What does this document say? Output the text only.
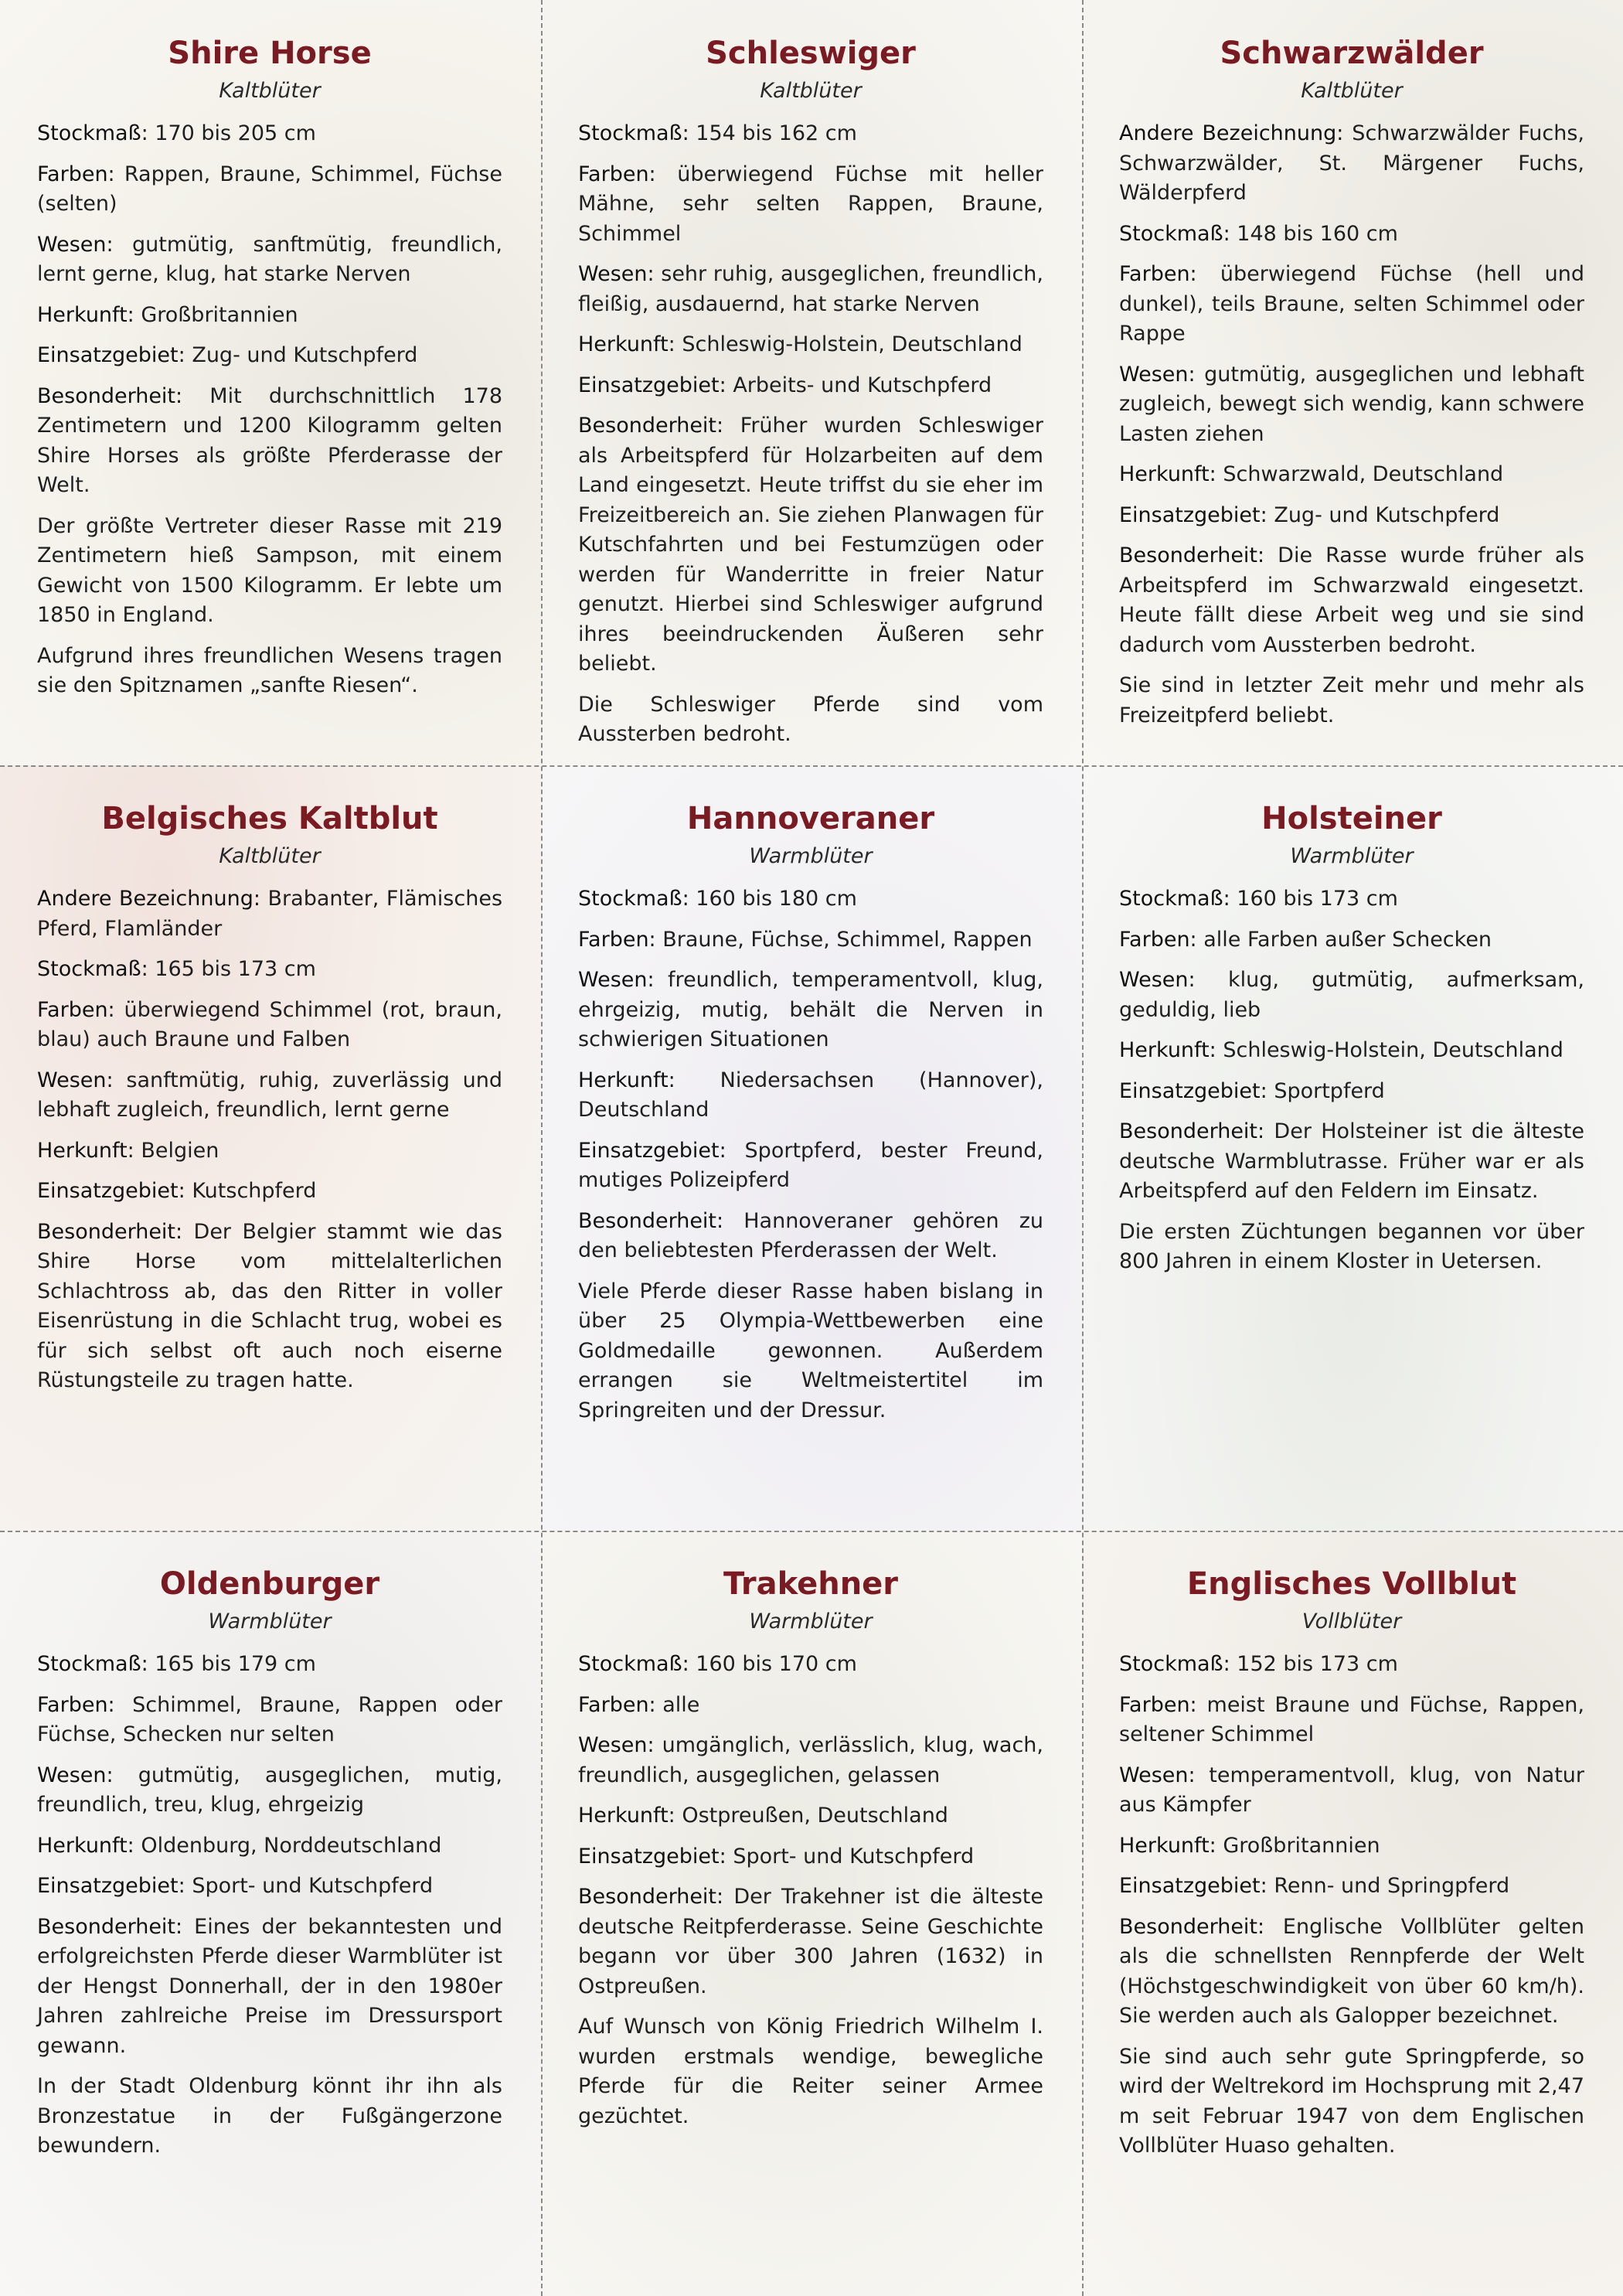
Shire Horse
Kaltblüter

Stockmaß: 170 bis 205 cm

Farben: Rappen, Braune, Schimmel, Füchse (selten)

Wesen: gutmütig, sanftmütig, freundlich, lernt gerne, klug, hat starke Nerven

Herkunft: Großbritannien

Einsatzgebiet: Zug- und Kutschpferd

Besonderheit: Mit durchschnittlich 178 Zentimetern und 1200 Kilogramm gelten Shire Horses als größte Pferderasse der Welt.

Der größte Vertreter dieser Rasse mit 219 Zentimetern hieß Sampson, mit einem Gewicht von 1500 Kilogramm. Er lebte um 1850 in England.

Aufgrund ihres freundlichen Wesens tragen sie den Spitznamen „sanfte Riesen“.

Schleswiger
Kaltblüter

Stockmaß: 154 bis 162 cm

Farben: überwiegend Füchse mit heller Mähne, sehr selten Rappen, Braune, Schimmel

Wesen: sehr ruhig, ausgeglichen, freundlich, fleißig, ausdauernd, hat starke Nerven

Herkunft: Schleswig-Holstein, Deutschland

Einsatzgebiet: Arbeits- und Kutschpferd

Besonderheit: Früher wurden Schleswiger als Arbeitspferd für Holzarbeiten auf dem Land eingesetzt. Heute triffst du sie eher im Freizeitbereich an. Sie ziehen Planwagen für Kutschfahrten und bei Festumzügen oder werden für Wanderritte in freier Natur genutzt. Hierbei sind Schleswiger aufgrund ihres beeindruckenden Äußeren sehr beliebt.

Die Schleswiger Pferde sind vom Aussterben bedroht.

Schwarzwälder
Kaltblüter

Andere Bezeichnung: Schwarzwälder Fuchs, Schwarzwälder, St. Märgener Fuchs, Wälderpferd

Stockmaß: 148 bis 160 cm

Farben: überwiegend Füchse (hell und dunkel), teils Braune, selten Schimmel oder Rappe

Wesen: gutmütig, ausgeglichen und lebhaft zugleich, bewegt sich wendig, kann schwere Lasten ziehen

Herkunft: Schwarzwald, Deutschland

Einsatzgebiet: Zug- und Kutschpferd

Besonderheit: Die Rasse wurde früher als Arbeitspferd im Schwarzwald eingesetzt. Heute fällt diese Arbeit weg und sie sind dadurch vom Aussterben bedroht.

Sie sind in letzter Zeit mehr und mehr als Freizeitpferd beliebt.

Belgisches Kaltblut
Kaltblüter

Andere Bezeichnung: Brabanter, Flämisches Pferd, Flamländer

Stockmaß: 165 bis 173 cm

Farben: überwiegend Schimmel (rot, braun, blau) auch Braune und Falben

Wesen: sanftmütig, ruhig, zuverlässig und lebhaft zugleich, freundlich, lernt gerne

Herkunft: Belgien

Einsatzgebiet: Kutschpferd

Besonderheit: Der Belgier stammt wie das Shire Horse vom mittelalterlichen Schlachtross ab, das den Ritter in voller Eisenrüstung in die Schlacht trug, wobei es für sich selbst oft auch noch eiserne Rüstungsteile zu tragen hatte.

Hannoveraner
Warmblüter

Stockmaß: 160 bis 180 cm

Farben: Braune, Füchse, Schimmel, Rappen

Wesen: freundlich, temperamentvoll, klug, ehrgeizig, mutig, behält die Nerven in schwierigen Situationen

Herkunft: Niedersachsen (Hannover), Deutschland

Einsatzgebiet: Sportpferd, bester Freund, mutiges Polizeipferd

Besonderheit: Hannoveraner gehören zu den beliebtesten Pferderassen der Welt.

Viele Pferde dieser Rasse haben bislang in über 25 Olympia-Wettbewerben eine Goldmedaille gewonnen. Außerdem errangen sie Weltmeistertitel im Springreiten und der Dressur.

Holsteiner
Warmblüter

Stockmaß: 160 bis 173 cm

Farben: alle Farben außer Schecken

Wesen: klug, gutmütig, aufmerksam, geduldig, lieb

Herkunft: Schleswig-Holstein, Deutschland

Einsatzgebiet: Sportpferd

Besonderheit: Der Holsteiner ist die älteste deutsche Warmblutrasse. Früher war er als Arbeitspferd auf den Feldern im Einsatz.

Die ersten Züchtungen begannen vor über 800 Jahren in einem Kloster in Uetersen.

Oldenburger
Warmblüter

Stockmaß: 165 bis 179 cm

Farben: Schimmel, Braune, Rappen oder Füchse, Schecken nur selten

Wesen: gutmütig, ausgeglichen, mutig, freundlich, treu, klug, ehrgeizig

Herkunft: Oldenburg, Norddeutschland

Einsatzgebiet: Sport- und Kutschpferd

Besonderheit: Eines der bekanntesten und erfolgreichsten Pferde dieser Warmblüter ist der Hengst Donnerhall, der in den 1980er Jahren zahlreiche Preise im Dressursport gewann.

In der Stadt Oldenburg könnt ihr ihn als Bronzestatue in der Fußgängerzone bewundern.

Trakehner
Warmblüter

Stockmaß: 160 bis 170 cm

Farben: alle

Wesen: umgänglich, verlässlich, klug, wach, freundlich, ausgeglichen, gelassen

Herkunft: Ostpreußen, Deutschland

Einsatzgebiet: Sport- und Kutschpferd

Besonderheit: Der Trakehner ist die älteste deutsche Reitpferderasse. Seine Geschichte begann vor über 300 Jahren (1632) in Ostpreußen.

Auf Wunsch von König Friedrich Wilhelm I. wurden erstmals wendige, bewegliche Pferde für die Reiter seiner Armee gezüchtet.

Englisches Vollblut
Vollblüter

Stockmaß: 152 bis 173 cm

Farben: meist Braune und Füchse, Rappen, seltener Schimmel

Wesen: temperamentvoll, klug, von Natur aus Kämpfer

Herkunft: Großbritannien

Einsatzgebiet: Renn- und Springpferd

Besonderheit: Englische Vollblüter gelten als die schnellsten Rennpferde der Welt (Höchstgeschwindigkeit von über 60 km/h). Sie werden auch als Galopper bezeichnet.

Sie sind auch sehr gute Springpferde, so wird der Weltrekord im Hochsprung mit 2,47 m seit Februar 1947 von dem Englischen Vollblüter Huaso gehalten.
